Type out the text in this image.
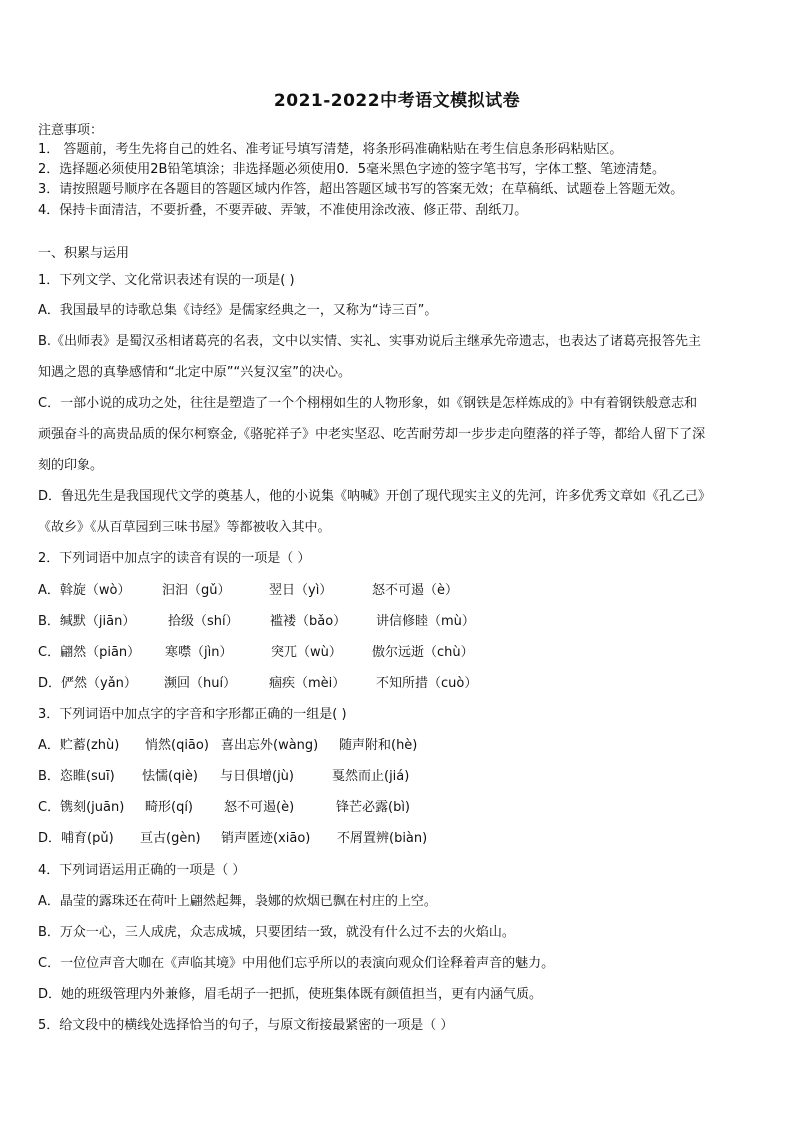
2021-2022中考语文模拟试卷
注意事项：
1． 答题前，考生先将自己的姓名、准考证号填写清楚，将条形码准确粘贴在考生信息条形码粘贴区。
2．选择题必须使用2B铅笔填涂；非选择题必须使用0．5毫米黑色字迹的签字笔书写，字体工整、笔迹清楚。
3．请按照题号顺序在各题目的答题区域内作答，超出答题区域书写的答案无效；在草稿纸、试题卷上答题无效。
4．保持卡面清洁，不要折叠，不要弄破、弄皱，不准使用涂改液、修正带、刮纸刀。
一、积累与运用
1．下列文学、文化常识表述有误的一项是( )
A．我国最早的诗歌总集《诗经》是儒家经典之一，又称为“诗三百”。
B.《出师表》是蜀汉丞相诸葛亮的名表，文中以实情、实礼、实事劝说后主继承先帝遗志，也表达了诸葛亮报答先主
知遇之恩的真挚感情和“北定中原”“兴复汉室”的决心。
C．一部小说的成功之处，往往是塑造了一个个栩栩如生的人物形象，如《钢铁是怎样炼成的》中有着钢铁般意志和
顽强奋斗的高贵品质的保尔柯察金,《骆驼祥子》中老实坚忍、吃苦耐劳却一步步走向堕落的祥子等，都给人留下了深
刻的印象。
D．鲁迅先生是我国现代文学的奠基人，他的小说集《呐喊》开创了现代现实主义的先河，许多优秀文章如《孔乙己》
《故乡》《从百草园到三味书屋》等都被收入其中。
2．下列词语中加点字的读音有误的一项是（ ）
A．斡旋（wò） 汩汩（gǔ）	翌日（yì）	怒不可遏（è）
B．缄默（jiān）	拾级（shí） 褴褛（bǎo） 讲信修睦（mù）
C．翩然（piān） 寒噤（jìn）	突兀（wù） 傲尔远逝（chù）
D．俨然（yǎn） 濒回（huí）	痼疾（mèi） 不知所措（cuò）
3．下列词语中加点字的字音和字形都正确的一组是( )
A．贮蓄(zhù) 悄然(qiāo) 喜出忘外(wàng) 随声附和(hè)
B．恣睢(suī) 怯懦(qiè) 与日俱增(jù)	戛然而止(jiá)
C．镌刻(juān) 畸形(qí) 怒不可遏(è)	锋芒必露(bì)
D．哺育(pǔ) 亘古(gèn) 销声匿迹(xiāo) 不屑置辨(biàn)
4．下列词语运用正确的一项是（ ）
A．晶莹的露珠还在荷叶上翩然起舞，袅娜的炊烟已飘在村庄的上空。
B．万众一心，三人成虎，众志成城，只要团结一致，就没有什么过不去的火焰山。
C．一位位声音大咖在《声临其境》中用他们忘乎所以的表演向观众们诠释着声音的魅力。
D．她的班级管理内外兼修，眉毛胡子一把抓，使班集体既有颜值担当，更有内涵气质。
5．给文段中的横线处选择恰当的句子，与原文衔接最紧密的一项是（ ）
